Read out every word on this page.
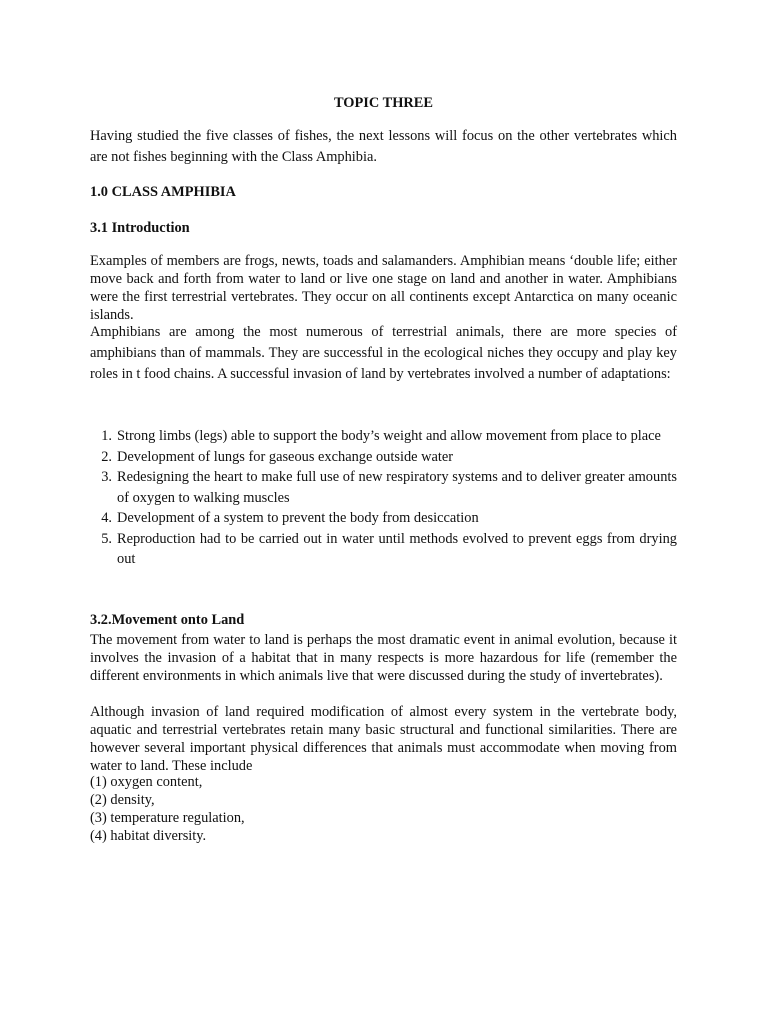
TOPIC THREE

Having studied the five classes of fishes, the next lessons will focus on the other vertebrates which are not fishes beginning with the Class Amphibia.

1.0 CLASS AMPHIBIA
3.1 Introduction

Examples of members are frogs, newts, toads and salamanders. Amphibian means ‘double life; either move back and forth from water to land or live one stage on land and another in water. Amphibians were the first terrestrial vertebrates. They occur on all continents except Antarctica on many oceanic islands.

Amphibians are among the most numerous of terrestrial animals, there are more species of amphibians than of mammals. They are successful in the ecological niches they occupy and play key roles in t food chains. A successful invasion of land by vertebrates involved a number of adaptations:

1. Strong limbs (legs) able to support the body’s weight and allow movement from place to place
2. Development of lungs for gaseous exchange outside water
3. Redesigning the heart to make full use of new respiratory systems and to deliver greater amounts of oxygen to walking muscles
4. Development of a system to prevent the body from desiccation
5. Reproduction had to be carried out in water until methods evolved to prevent eggs from drying out
3.2.Movement onto Land

The movement from water to land is perhaps the most dramatic event in animal evolution, because it involves the invasion of a habitat that in many respects is more hazardous for life (remember the different environments in which animals live that were discussed during the study of invertebrates).

Although invasion of land required modification of almost every system in the vertebrate body, aquatic and terrestrial vertebrates retain many basic structural and functional similarities. There are however several important physical differences that animals must accommodate when moving from water to land. These include

(1) oxygen content,
(2) density,
(3) temperature regulation,
(4) habitat diversity.
